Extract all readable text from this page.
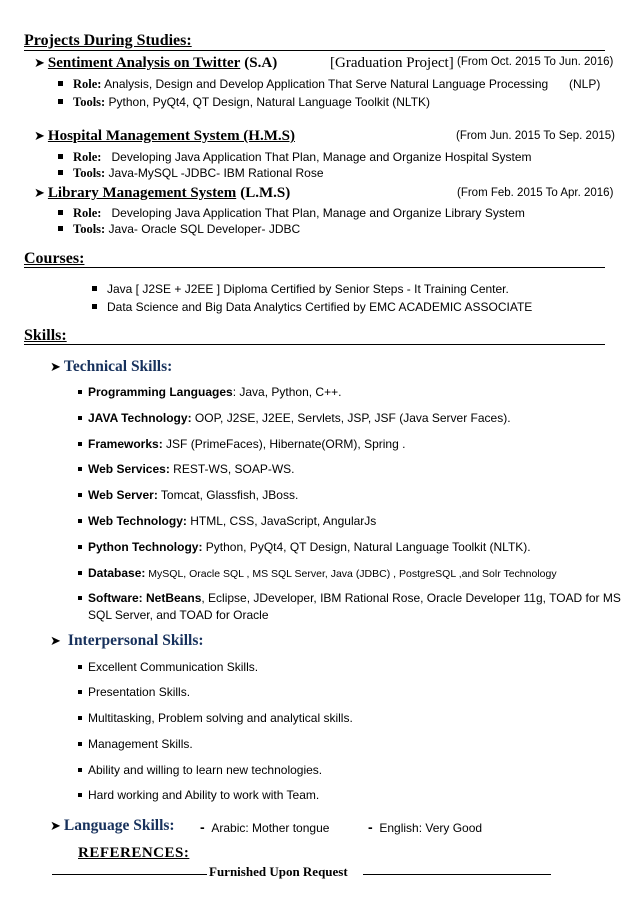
Projects During Studies:
➤ Sentiment Analysis on Twitter (S.A)	[Graduation Project] (From Oct. 2015 To Jun. 2016)
Role: Analysis, Design and Develop Application That Serve Natural Language Processing (NLP)
Tools: Python, PyQt4, QT Design, Natural Language Toolkit (NLTK)
➤ Hospital Management System (H.M.S)	(From Jun. 2015 To Sep. 2015)
Role: Developing Java Application That Plan, Manage and Organize Hospital System
Tools: Java-MySQL -JDBC- IBM Rational Rose
➤ Library Management System (L.M.S)	(From Feb. 2015 To Apr. 2016)
Role: Developing Java Application That Plan, Manage and Organize Library System
Tools: Java- Oracle SQL Developer- JDBC
Courses:
Java [ J2SE + J2EE ] Diploma Certified by Senior Steps - It Training Center.
Data Science and Big Data Analytics Certified by EMC ACADEMIC ASSOCIATE
Skills:
➤ Technical Skills:
Programming Languages: Java, Python, C++.
JAVA Technology: OOP, J2SE, J2EE, Servlets, JSP, JSF (Java Server Faces).
Frameworks: JSF (PrimeFaces), Hibernate(ORM), Spring .
Web Services: REST-WS, SOAP-WS.
Web Server: Tomcat, Glassfish, JBoss.
Web Technology: HTML, CSS, JavaScript, AngularJs
Python Technology: Python, PyQt4, QT Design, Natural Language Toolkit (NLTK).
Database: MySQL, Oracle SQL , MS SQL Server, Java (JDBC) , PostgreSQL ,and Solr Technology
Software: NetBeans, Eclipse, JDeveloper, IBM Rational Rose, Oracle Developer 11g, TOAD for MS
SQL Server, and TOAD for Oracle
➤ Interpersonal Skills:
Excellent Communication Skills.
Presentation Skills.
Multitasking, Problem solving and analytical skills.
Management Skills.
Ability and willing to learn new technologies.
Hard working and Ability to work with Team.
➤ Language Skills: - Arabic: Mother tongue	- English: Very Good
REFERENCES:
Furnished Upon Request
